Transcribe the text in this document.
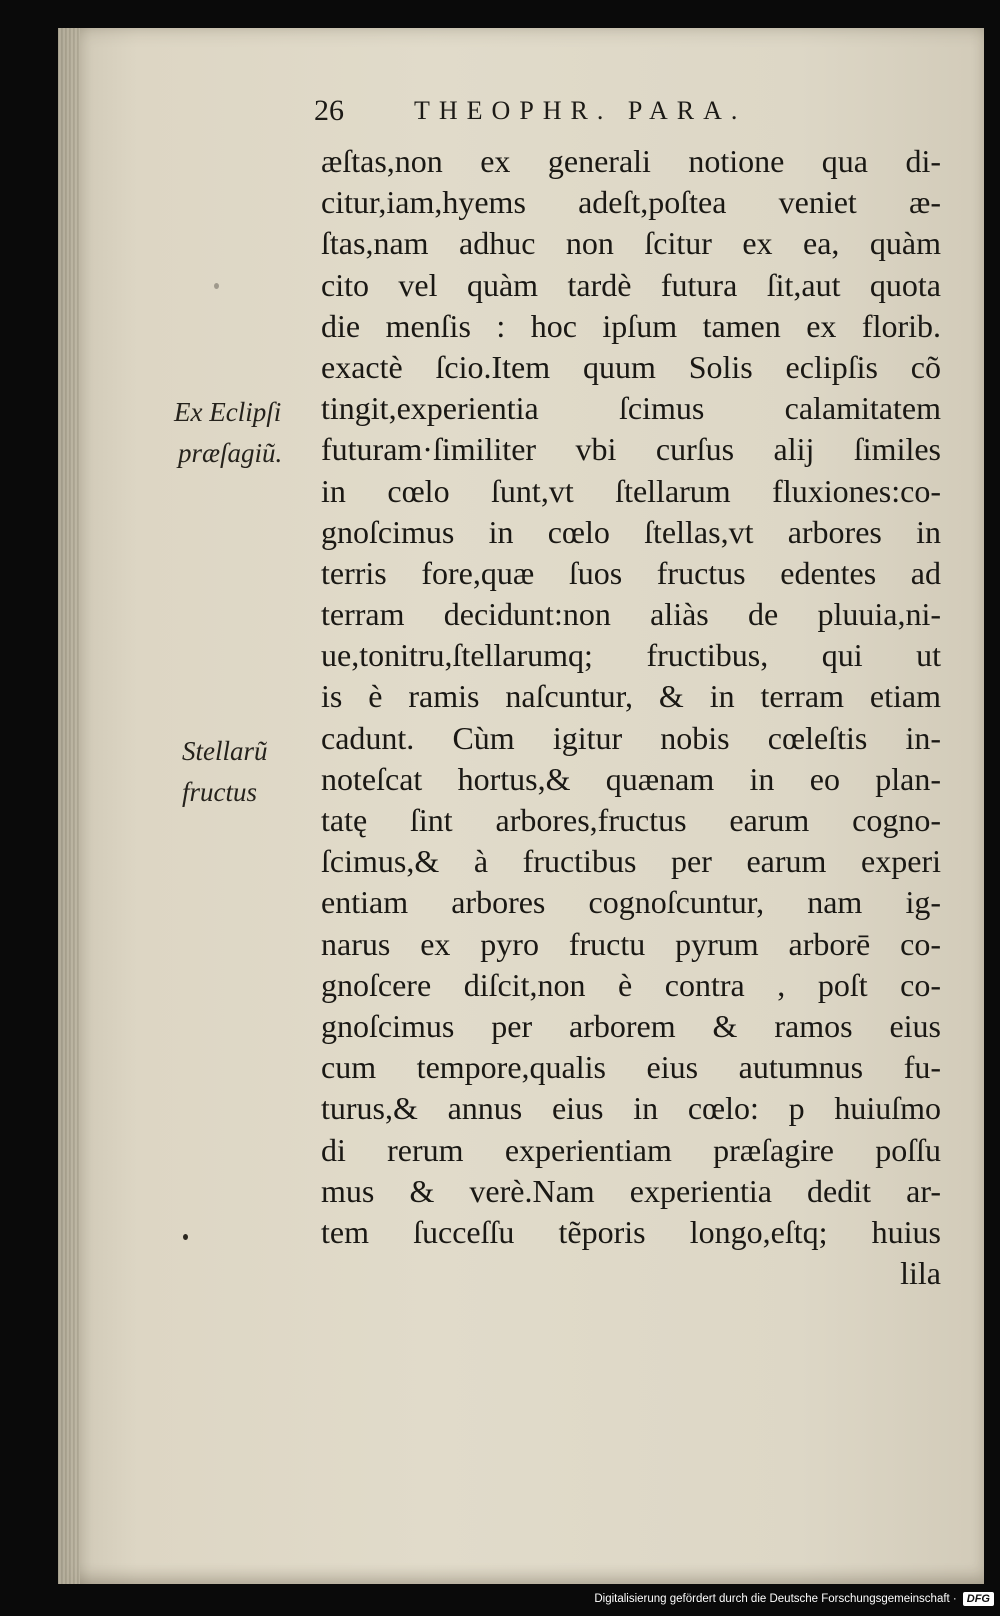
26	THEOPHR. PARA.
æſtas,non ex generali notione qua di-
citur,iam,hyems adeſt,poſtea veniet æ-
ſtas,nam adhuc non ſcitur ex ea, quàm
cito vel quàm tardè futura ſit,aut quota
die menſis : hoc ipſum tamen ex florib.
exactè ſcio.Item quum Solis eclipſis cõ
tingit,experientia ſcimus calamitatem
futuram·ſimiliter vbi curſus alij ſimiles
in cœlo ſunt,vt ſtellarum fluxiones:co-
gnoſcimus in cœlo ſtellas,vt arbores in
terris fore,quæ ſuos fructus edentes ad
terram decidunt:non aliàs de pluuia,ni-
ue,tonitru,ſtellarumq; fructibus, qui ut
is è ramis naſcuntur, & in terram etiam
cadunt. Cùm igitur nobis cœleſtis in-
noteſcat hortus,& quænam in eo plan-
tatę ſint arbores,fructus earum cogno-
ſcimus,& à fructibus per earum experi
entiam arbores cognoſcuntur, nam ig-
narus ex pyro fructu pyrum arborē co-
gnoſcere diſcit,non è contra , poſt co-
gnoſcimus per arborem & ramos eius
cum tempore,qualis eius autumnus fu-
turus,& annus eius in cœlo: p huiuſmo
di rerum experientiam præſagire poſſu
mus & verè.Nam experientia dedit ar-
tem ſucceſſu tẽporis longo,eſtq; huius
lila
Ex Eclipſi
præſagiũ.
Stellarũ
fructus
Digitalisierung gefördert durch die Deutsche Forschungsgemeinschaft · DFG
